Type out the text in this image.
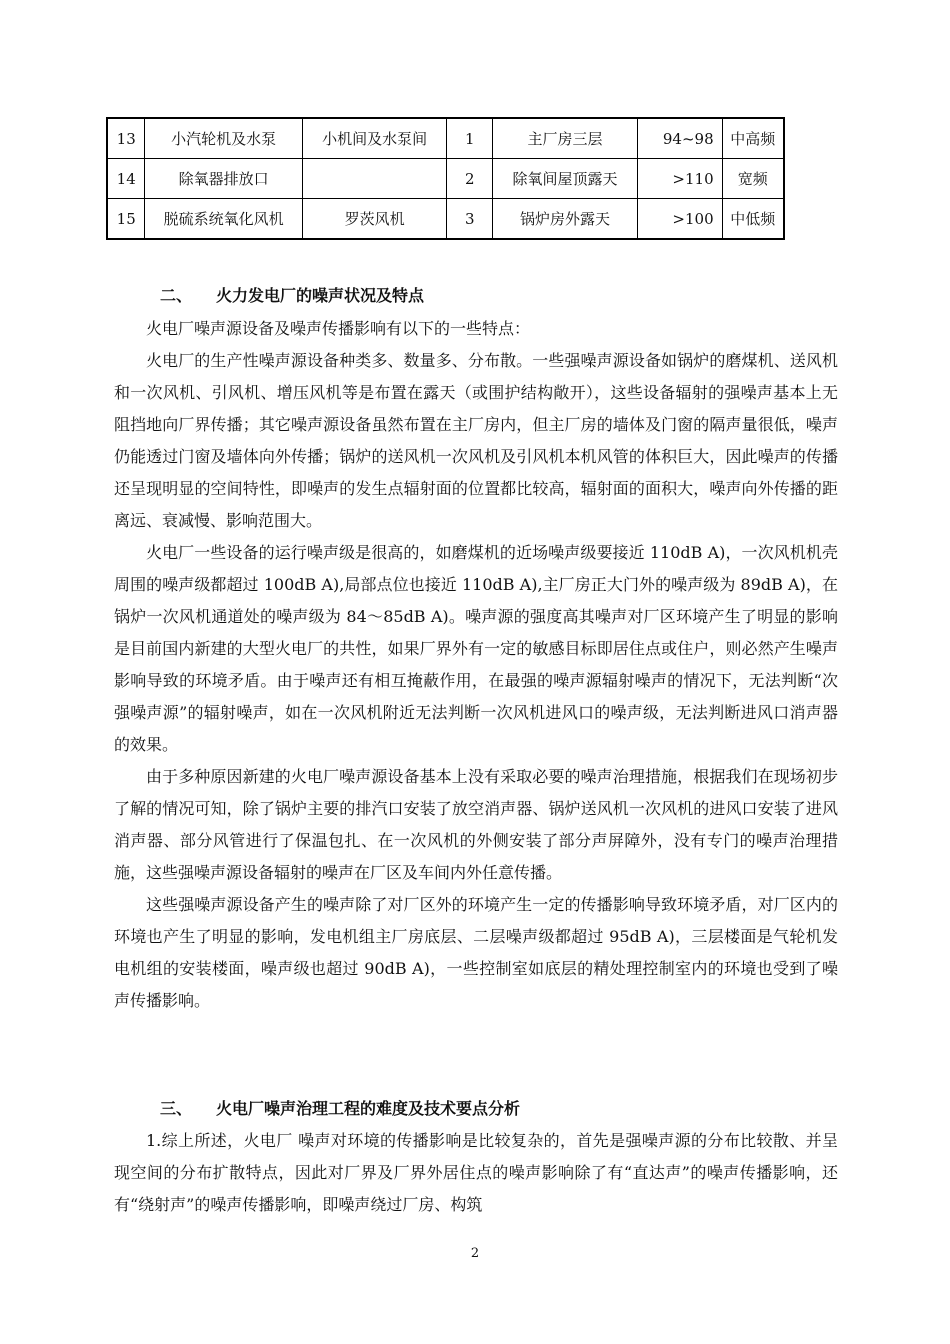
13	小汽轮机及水泵	小机间及水泵间	1	主厂房三层	94~98	中高频
14	除氧器排放口		2	除氧间屋顶露天	>110	宽频
15	脱硫系统氧化风机	罗茨风机	3	锅炉房外露天	>100	中低频
二、 火力发电厂的噪声状况及特点

火电厂噪声源设备及噪声传播影响有以下的一些特点：

火电厂的生产性噪声源设备种类多、数量多、分布散。一些强噪声源设备如锅炉的磨煤机、送风机和一次风机、引风机、增压风机等是布置在露天（或围护结构敞开），这些设备辐射的强噪声基本上无阻挡地向厂界传播；其它噪声源设备虽然布置在主厂房内，但主厂房的墙体及门窗的隔声量很低，噪声仍能透过门窗及墙体向外传播；锅炉的送风机一次风机及引风机本机风管的体积巨大，因此噪声的传播还呈现明显的空间特性，即噪声的发生点辐射面的位置都比较高，辐射面的面积大，噪声向外传播的距离远、衰减慢、影响范围大。

火电厂一些设备的运行噪声级是很高的，如磨煤机的近场噪声级要接近 110dB A)，一次风机机壳周围的噪声级都超过 100dB A),局部点位也接近 110dB A),主厂房正大门外的噪声级为 89dB A)，在锅炉一次风机通道处的噪声级为 84～85dB A)。噪声源的强度高其噪声对厂区环境产生了明显的影响是目前国内新建的大型火电厂的共性，如果厂界外有一定的敏感目标即居住点或住户，则必然产生噪声影响导致的环境矛盾。由于噪声还有相互掩蔽作用，在最强的噪声源辐射噪声的情况下，无法判断“次强噪声源”的辐射噪声，如在一次风机附近无法判断一次风机进风口的噪声级，无法判断进风口消声器的效果。

由于多种原因新建的火电厂噪声源设备基本上没有采取必要的噪声治理措施，根据我们在现场初步了解的情况可知，除了锅炉主要的排汽口安装了放空消声器、锅炉送风机一次风机的进风口安装了进风消声器、部分风管进行了保温包扎、在一次风机的外侧安装了部分声屏障外，没有专门的噪声治理措施，这些强噪声源设备辐射的噪声在厂区及车间内外任意传播。

这些强噪声源设备产生的噪声除了对厂区外的环境产生一定的传播影响导致环境矛盾，对厂区内的环境也产生了明显的影响，发电机组主厂房底层、二层噪声级都超过 95dB A)，三层楼面是气轮机发电机组的安装楼面，噪声级也超过 90dB A)，一些控制室如底层的精处理控制室内的环境也受到了噪声传播影响。

三、 火电厂噪声治理工程的难度及技术要点分析

1.综上所述，火电厂 噪声对环境的传播影响是比较复杂的，首先是强噪声源的分布比较散、并呈现空间的分布扩散特点，因此对厂界及厂界外居住点的噪声影响除了有“直达声”的噪声传播影响，还有“绕射声”的噪声传播影响，即噪声绕过厂房、构筑

2
